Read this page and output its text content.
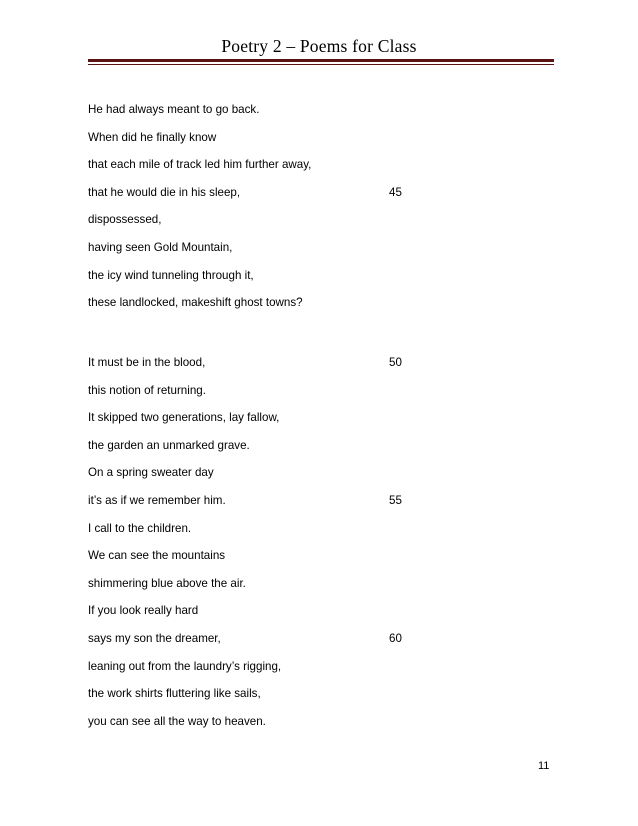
Poetry 2 – Poems for Class
He had always meant to go back.
When did he finally know
that each mile of track led him further away,
that he would die in his sleep,	45
dispossessed,
having seen Gold Mountain,
the icy wind tunneling through it,
these landlocked, makeshift ghost towns?
It must be in the blood,	50
this notion of returning.
It skipped two generations, lay fallow,
the garden an unmarked grave.
On a spring sweater day
it’s as if we remember him.	55
I call to the children.
We can see the mountains
shimmering blue above the air.
If you look really hard
says my son the dreamer,	60
leaning out from the laundry’s rigging,
the work shirts fluttering like sails,
you can see all the way to heaven.
11
